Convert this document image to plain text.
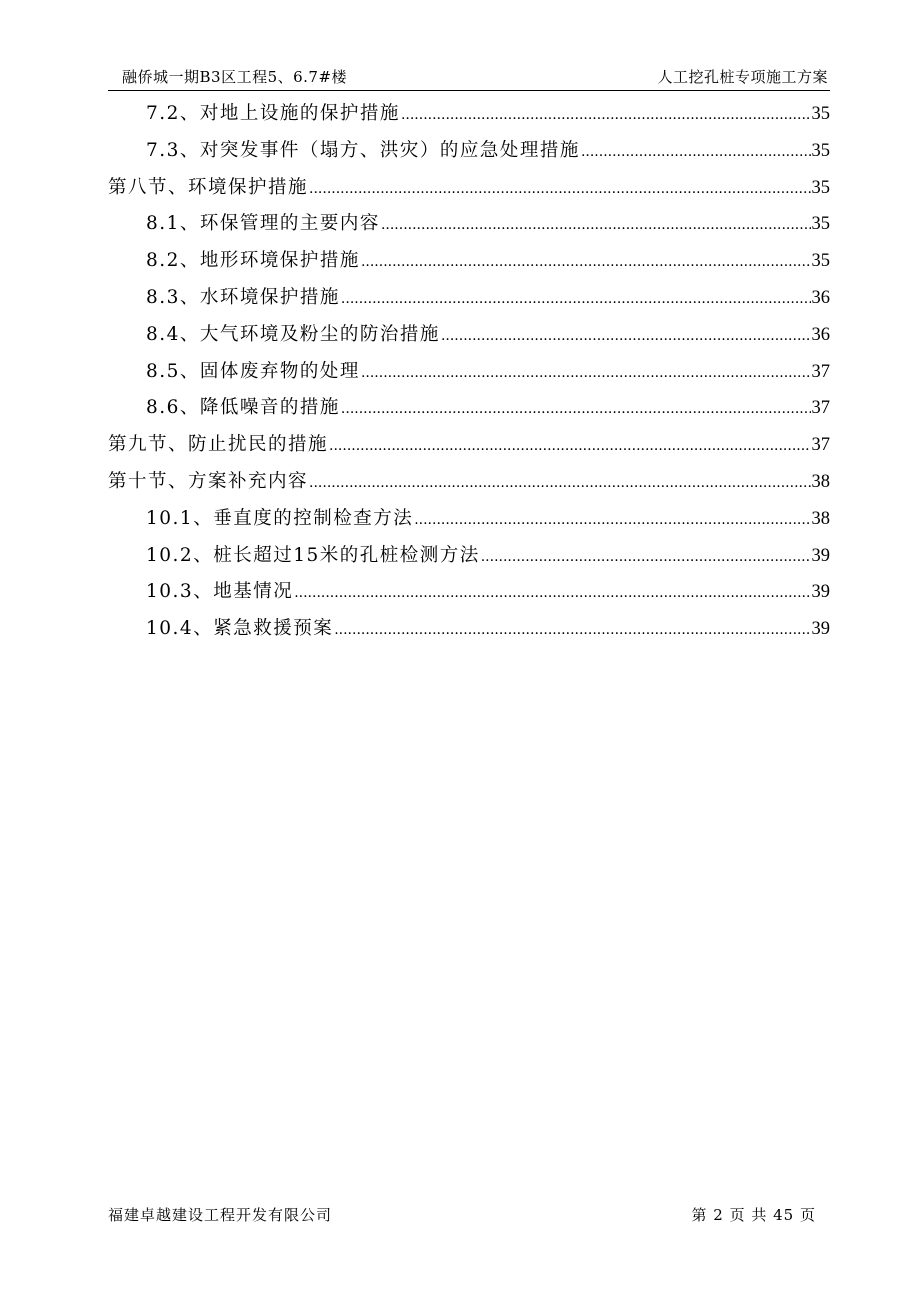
融侨城一期B3区工程5、6.7#楼	人工挖孔桩专项施工方案
7.2、对地上设施的保护措施 .....	35
7.3、对突发事件（塌方、洪灾）的应急处理措施 .....	35
第八节、环境保护措施 .....	35
8.1、环保管理的主要内容 .....	35
8.2、地形环境保护措施 .....	35
8.3、水环境保护措施 .....	36
8.4、大气环境及粉尘的防治措施 .....	36
8.5、固体废弃物的处理 .....	37
8.6、降低噪音的措施 .....	37
第九节、防止扰民的措施 .....	37
第十节、方案补充内容 .....	38
10.1、垂直度的控制检查方法 .....	38
10.2、桩长超过15米的孔桩检测方法 .....	39
10.3、地基情况 .....	39
10.4、紧急救援预案 .....	39
福建卓越建设工程开发有限公司	第 2 页 共 45 页
